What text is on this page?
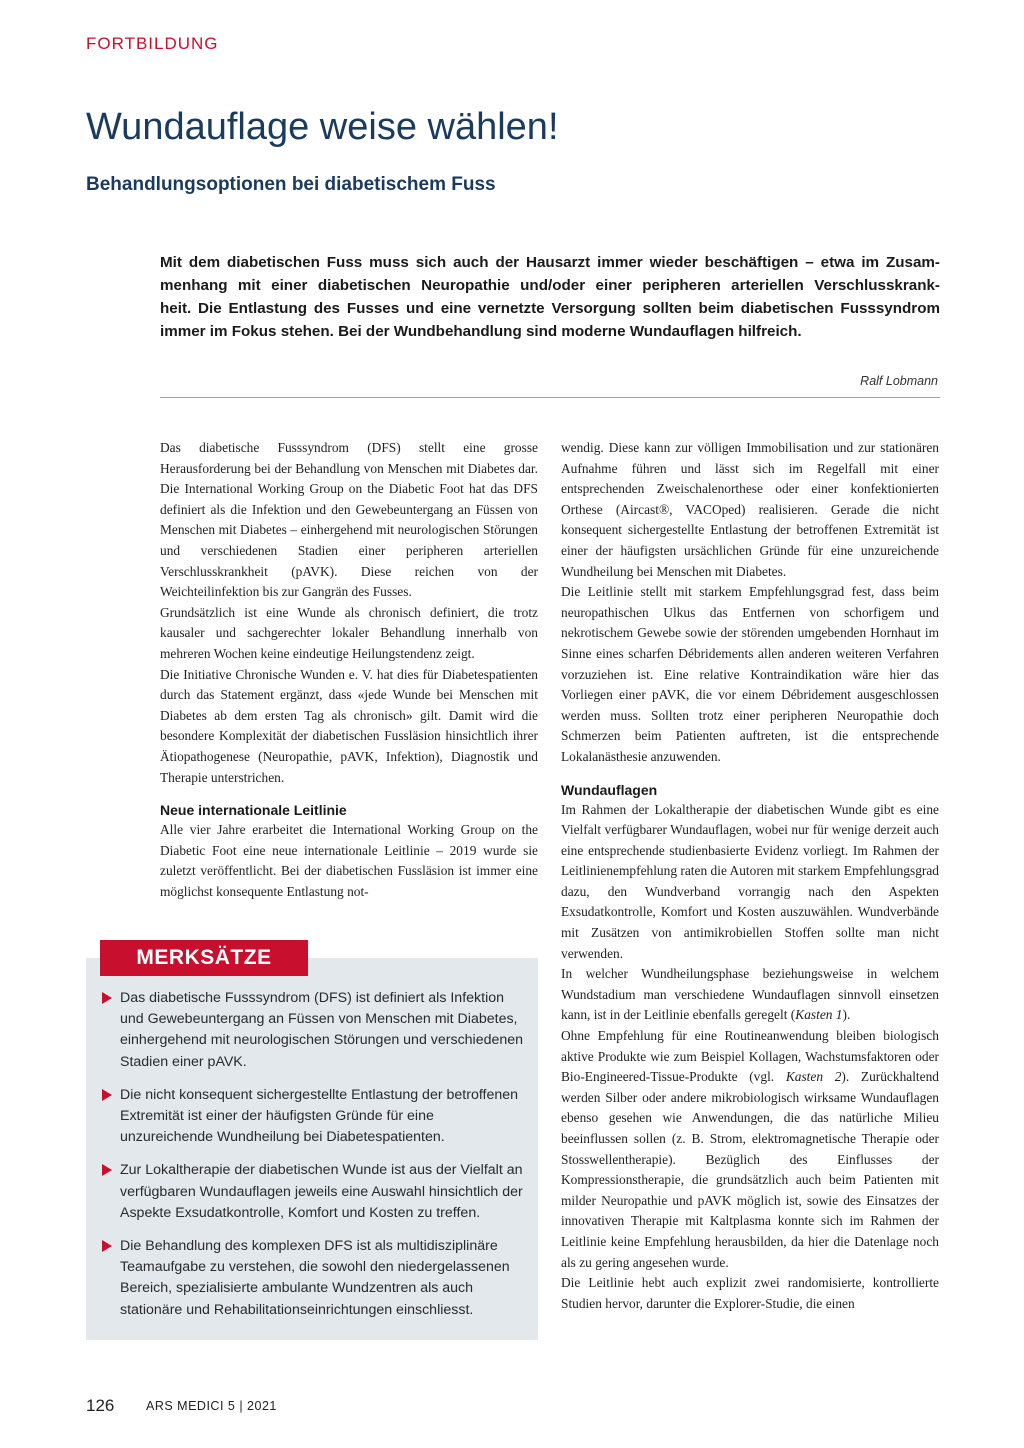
FORTBILDUNG
Wundauflage weise wählen!
Behandlungsoptionen bei diabetischem Fuss

Mit dem diabetischen Fuss muss sich auch der Hausarzt immer wieder beschäftigen – etwa im Zusam-

menhang mit einer diabetischen Neuropathie und/oder einer peripheren arteriellen Verschlusskrank-

heit. Die Entlastung des Fusses und eine vernetzte Versorgung sollten beim diabetischen Fusssyndrom

immer im Fokus stehen. Bei der Wundbehandlung sind moderne Wundauflagen hilfreich.

Ralf Lobmann

Das diabetische Fusssyndrom (DFS) stellt eine grosse Herausforderung bei der Behandlung von Menschen mit Diabetes dar. Die International Working Group on the Diabetic Foot hat das DFS definiert als die Infektion und den Gewebeuntergang an Füssen von Menschen mit Diabetes – einhergehend mit neurologischen Störungen und verschiedenen Stadien einer peripheren arteriellen Verschlusskrankheit (pAVK). Diese reichen von der Weichteilinfektion bis zur Gangrän des Fusses.

Grundsätzlich ist eine Wunde als chronisch definiert, die trotz kausaler und sachgerechter lokaler Behandlung innerhalb von mehreren Wochen keine eindeutige Heilungstendenz zeigt.

Die Initiative Chronische Wunden e. V. hat dies für Diabetespatienten durch das Statement ergänzt, dass «jede Wunde bei Menschen mit Diabetes ab dem ersten Tag als chronisch» gilt. Damit wird die besondere Komplexität der diabetischen Fussläsion hinsichtlich ihrer Ätiopathogenese (Neuropathie, pAVK, Infektion), Diagnostik und Therapie unterstrichen.

Neue internationale Leitlinie

Alle vier Jahre erarbeitet die International Working Group on the Diabetic Foot eine neue internationale Leitlinie – 2019 wurde sie zuletzt veröffentlicht. Bei der diabetischen Fussläsion ist immer eine möglichst konsequente Entlastung not-

wendig. Diese kann zur völligen Immobilisation und zur stationären Aufnahme führen und lässt sich im Regelfall mit einer entsprechenden Zweischalenorthese oder einer konfektionierten Orthese (Aircast®, VACOped) realisieren. Gerade die nicht konsequent sichergestellte Entlastung der betroffenen Extremität ist einer der häufigsten ursächlichen Gründe für eine unzureichende Wundheilung bei Menschen mit Diabetes.

Die Leitlinie stellt mit starkem Empfehlungsgrad fest, dass beim neuropathischen Ulkus das Entfernen von schorfigem und nekrotischem Gewebe sowie der störenden umgebenden Hornhaut im Sinne eines scharfen Débridements allen anderen weiteren Verfahren vorzuziehen ist. Eine relative Kontraindikation wäre hier das Vorliegen einer pAVK, die vor einem Débridement ausgeschlossen werden muss. Sollten trotz einer peripheren Neuropathie doch Schmerzen beim Patienten auftreten, ist die entsprechende Lokalanästhesie anzuwenden.

Wundauflagen

Im Rahmen der Lokaltherapie der diabetischen Wunde gibt es eine Vielfalt verfügbarer Wundauflagen, wobei nur für wenige derzeit auch eine entsprechende studienbasierte Evidenz vorliegt. Im Rahmen der Leitlinienempfehlung raten die Autoren mit starkem Empfehlungsgrad dazu, den Wundverband vorrangig nach den Aspekten Exsudatkontrolle, Komfort und Kosten auszuwählen. Wundverbände mit Zusätzen von antimikrobiellen Stoffen sollte man nicht verwenden.

In welcher Wundheilungsphase beziehungsweise in welchem Wundstadium man verschiedene Wundauflagen sinnvoll einsetzen kann, ist in der Leitlinie ebenfalls geregelt (Kasten 1).

Ohne Empfehlung für eine Routineanwendung bleiben biologisch aktive Produkte wie zum Beispiel Kollagen, Wachstumsfaktoren oder Bio-Engineered-Tissue-Produkte (vgl. Kasten 2). Zurückhaltend werden Silber oder andere mikrobiologisch wirksame Wundauflagen ebenso gesehen wie Anwendungen, die das natürliche Milieu beeinflussen sollen (z. B. Strom, elektromagnetische Therapie oder Stosswellentherapie). Bezüglich des Einflusses der Kompressionstherapie, die grundsätzlich auch beim Patienten mit milder Neuropathie und pAVK möglich ist, sowie des Einsatzes der innovativen Therapie mit Kaltplasma konnte sich im Rahmen der Leitlinie keine Empfehlung herausbilden, da hier die Datenlage noch als zu gering angesehen wurde.

Die Leitlinie hebt auch explizit zwei randomisierte, kontrollierte Studien hervor, darunter die Explorer-Studie, die einen

MERKSÄTZE
Das diabetische Fusssyndrom (DFS) ist definiert als Infektion und Gewebeuntergang an Füssen von Menschen mit Diabetes, einhergehend mit neurologischen Störungen und verschiedenen Stadien einer pAVK.
Die nicht konsequent sichergestellte Entlastung der betroffenen Extremität ist einer der häufigsten Gründe für eine unzureichende Wundheilung bei Diabetespatienten.
Zur Lokaltherapie der diabetischen Wunde ist aus der Vielfalt an verfügbaren Wundauflagen jeweils eine Auswahl hinsichtlich der Aspekte Exsudatkontrolle, Komfort und Kosten zu treffen.
Die Behandlung des komplexen DFS ist als multidisziplinäre Teamaufgabe zu verstehen, die sowohl den niedergelassenen Bereich, spezialisierte ambulante Wundzentren als auch stationäre und Rehabilitationseinrichtungen einschliesst.
126	ARS MEDICI 5 | 2021
